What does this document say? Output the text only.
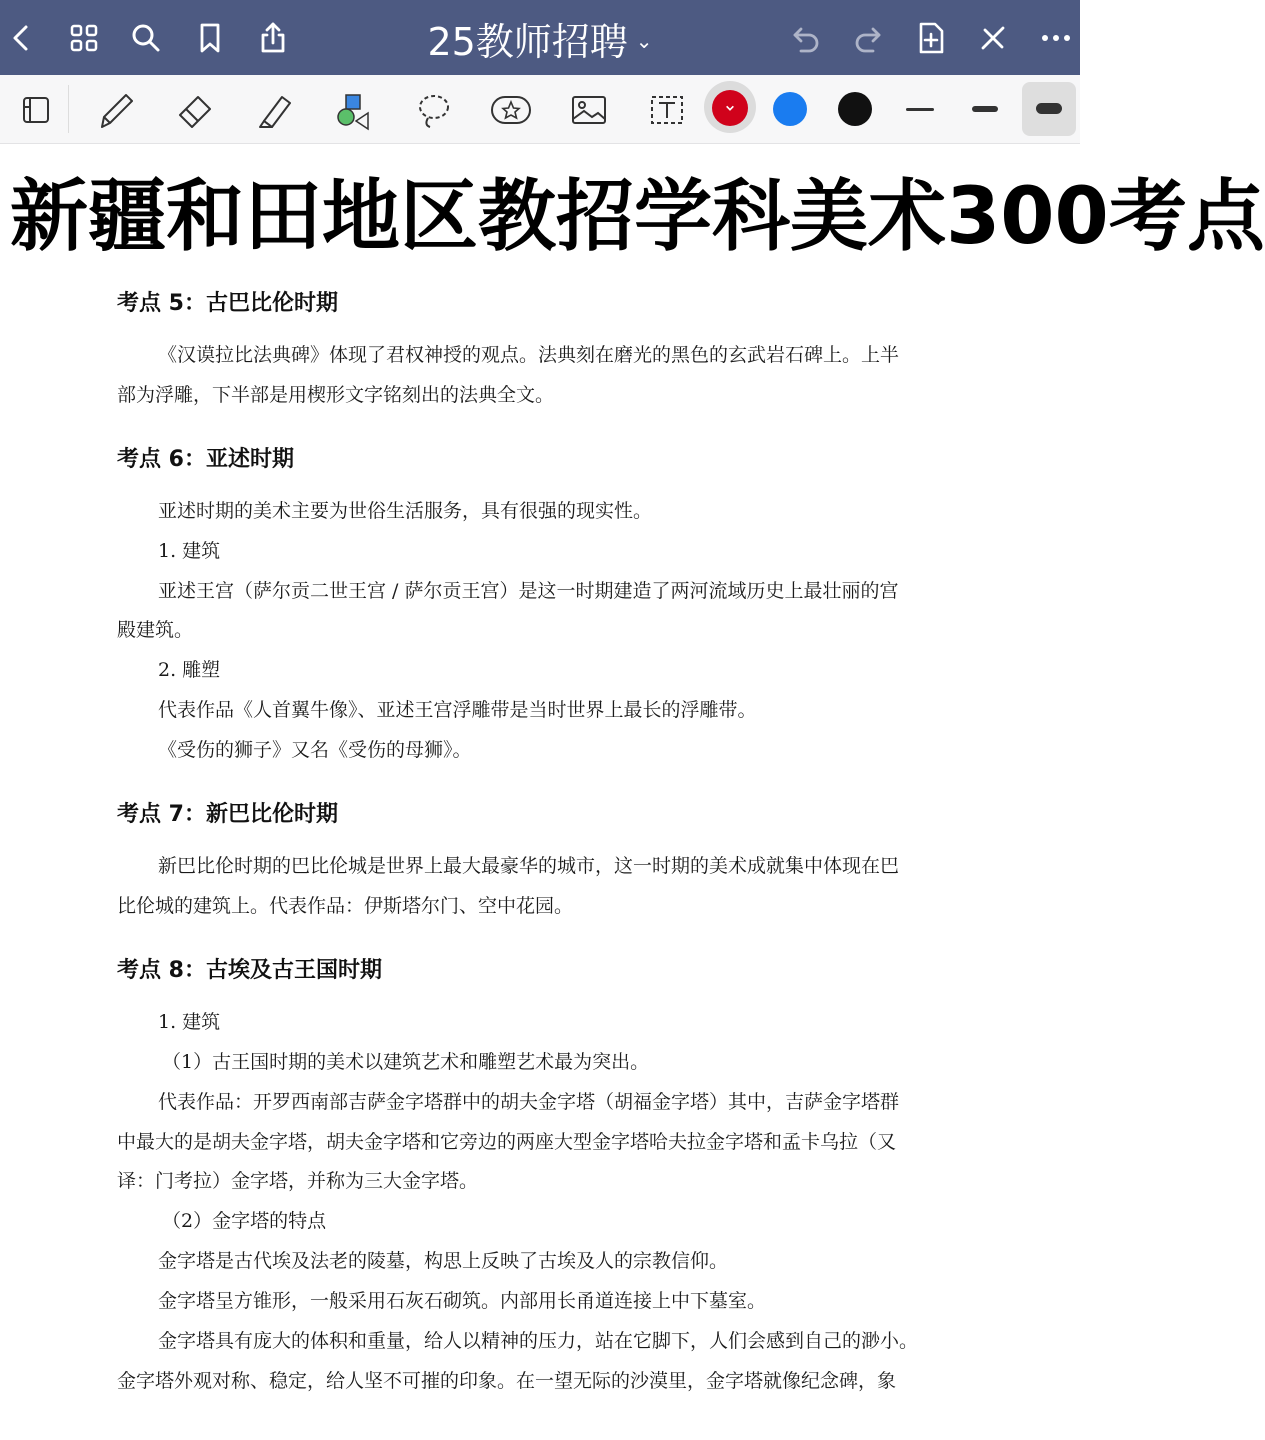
25教师招聘 ⌄
新疆和田地区教招学科美术300考点
考点 5：古巴比伦时期
《汉谟拉比法典碑》体现了君权神授的观点。法典刻在磨光的黑色的玄武岩石碑上。上半
部为浮雕，下半部是用楔形文字铭刻出的法典全文。
考点 6：亚述时期
亚述时期的美术主要为世俗生活服务，具有很强的现实性。
1. 建筑
亚述王宫（萨尔贡二世王宫 / 萨尔贡王宫）是这一时期建造了两河流域历史上最壮丽的宫
殿建筑。
2. 雕塑
代表作品《人首翼牛像》、亚述王宫浮雕带是当时世界上最长的浮雕带。
《受伤的狮子》又名《受伤的母狮》。
考点 7：新巴比伦时期
新巴比伦时期的巴比伦城是世界上最大最豪华的城市，这一时期的美术成就集中体现在巴
比伦城的建筑上。代表作品：伊斯塔尔门、空中花园。
考点 8：古埃及古王国时期
1. 建筑
（1）古王国时期的美术以建筑艺术和雕塑艺术最为突出。
代表作品：开罗西南部吉萨金字塔群中的胡夫金字塔（胡福金字塔）其中，吉萨金字塔群
中最大的是胡夫金字塔，胡夫金字塔和它旁边的两座大型金字塔哈夫拉金字塔和孟卡乌拉（又
译：门考拉）金字塔，并称为三大金字塔。
（2）金字塔的特点
金字塔是古代埃及法老的陵墓，构思上反映了古埃及人的宗教信仰。
金字塔呈方锥形，一般采用石灰石砌筑。内部用长甬道连接上中下墓室。
金字塔具有庞大的体积和重量，给人以精神的压力，站在它脚下，人们会感到自己的渺小。
金字塔外观对称、稳定，给人坚不可摧的印象。在一望无际的沙漠里，金字塔就像纪念碑，象
